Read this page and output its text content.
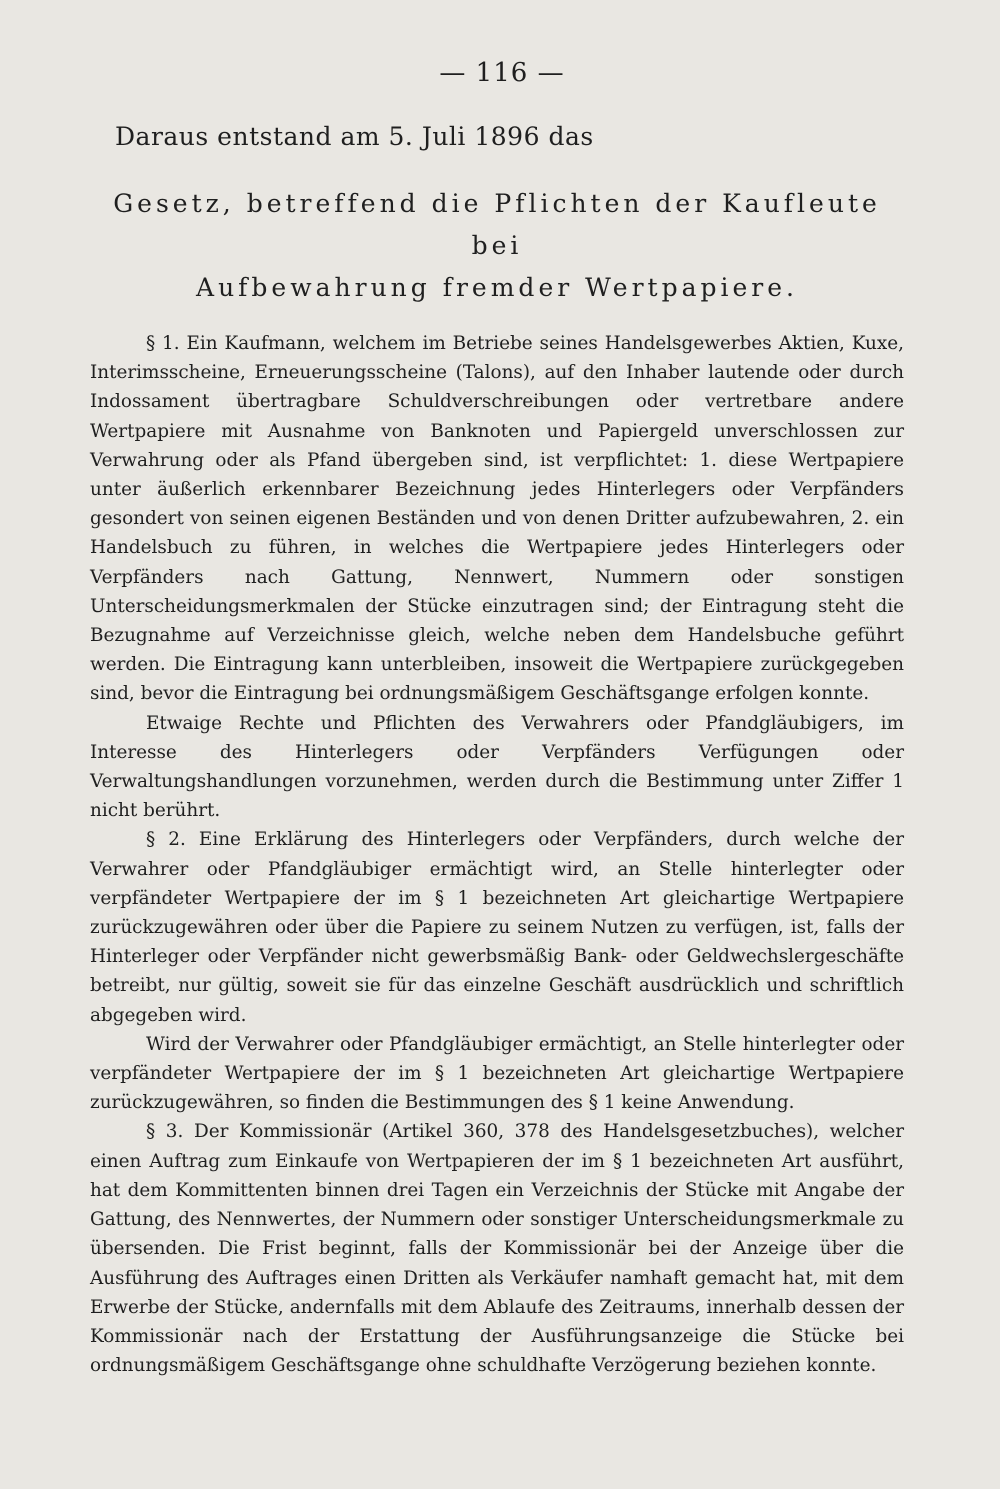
— 116 —
Daraus entstand am 5. Juli 1896 das
Gesetz, betreffend die Pflichten der Kaufleute bei
Aufbewahrung fremder Wertpapiere.

§ 1. Ein Kaufmann, welchem im Betriebe seines Handelsgewerbes Aktien, Kuxe, Interimsscheine, Erneuerungsscheine (Talons), auf den Inhaber lautende oder durch Indossament übertragbare Schuldverschreibungen oder vertretbare andere Wertpapiere mit Ausnahme von Banknoten und Papiergeld unverschlossen zur Verwahrung oder als Pfand übergeben sind, ist verpflichtet: 1. diese Wertpapiere unter äußerlich erkennbarer Bezeichnung jedes Hinterlegers oder Verpfänders gesondert von seinen eigenen Beständen und von denen Dritter aufzubewahren, 2. ein Handelsbuch zu führen, in welches die Wertpapiere jedes Hinterlegers oder Verpfänders nach Gattung, Nennwert, Nummern oder sonstigen Unterscheidungsmerkmalen der Stücke einzutragen sind; der Eintragung steht die Bezugnahme auf Verzeichnisse gleich, welche neben dem Handelsbuche geführt werden. Die Eintragung kann unterbleiben, insoweit die Wertpapiere zurückgegeben sind, bevor die Eintragung bei ordnungsmäßigem Geschäftsgange erfolgen konnte.

Etwaige Rechte und Pflichten des Verwahrers oder Pfandgläubigers, im Interesse des Hinterlegers oder Verpfänders Verfügungen oder Verwaltungshandlungen vorzunehmen, werden durch die Bestimmung unter Ziffer 1 nicht berührt.

§ 2. Eine Erklärung des Hinterlegers oder Verpfänders, durch welche der Verwahrer oder Pfandgläubiger ermächtigt wird, an Stelle hinterlegter oder verpfändeter Wertpapiere der im § 1 bezeichneten Art gleichartige Wertpapiere zurückzugewähren oder über die Papiere zu seinem Nutzen zu verfügen, ist, falls der Hinterleger oder Verpfänder nicht gewerbsmäßig Bank- oder Geldwechslergeschäfte betreibt, nur gültig, soweit sie für das einzelne Geschäft ausdrücklich und schriftlich abgegeben wird.

Wird der Verwahrer oder Pfandgläubiger ermächtigt, an Stelle hinterlegter oder verpfändeter Wertpapiere der im § 1 bezeichneten Art gleichartige Wertpapiere zurückzugewähren, so finden die Bestimmungen des § 1 keine Anwendung.

§ 3. Der Kommissionär (Artikel 360, 378 des Handelsgesetzbuches), welcher einen Auftrag zum Einkaufe von Wertpapieren der im § 1 bezeichneten Art ausführt, hat dem Kommittenten binnen drei Tagen ein Verzeichnis der Stücke mit Angabe der Gattung, des Nennwertes, der Nummern oder sonstiger Unterscheidungsmerkmale zu übersenden. Die Frist beginnt, falls der Kommissionär bei der Anzeige über die Ausführung des Auftrages einen Dritten als Verkäufer namhaft gemacht hat, mit dem Erwerbe der Stücke, andernfalls mit dem Ablaufe des Zeitraums, innerhalb dessen der Kommissionär nach der Erstattung der Ausführungsanzeige die Stücke bei ordnungsmäßigem Geschäftsgange ohne schuldhafte Verzögerung beziehen konnte.
